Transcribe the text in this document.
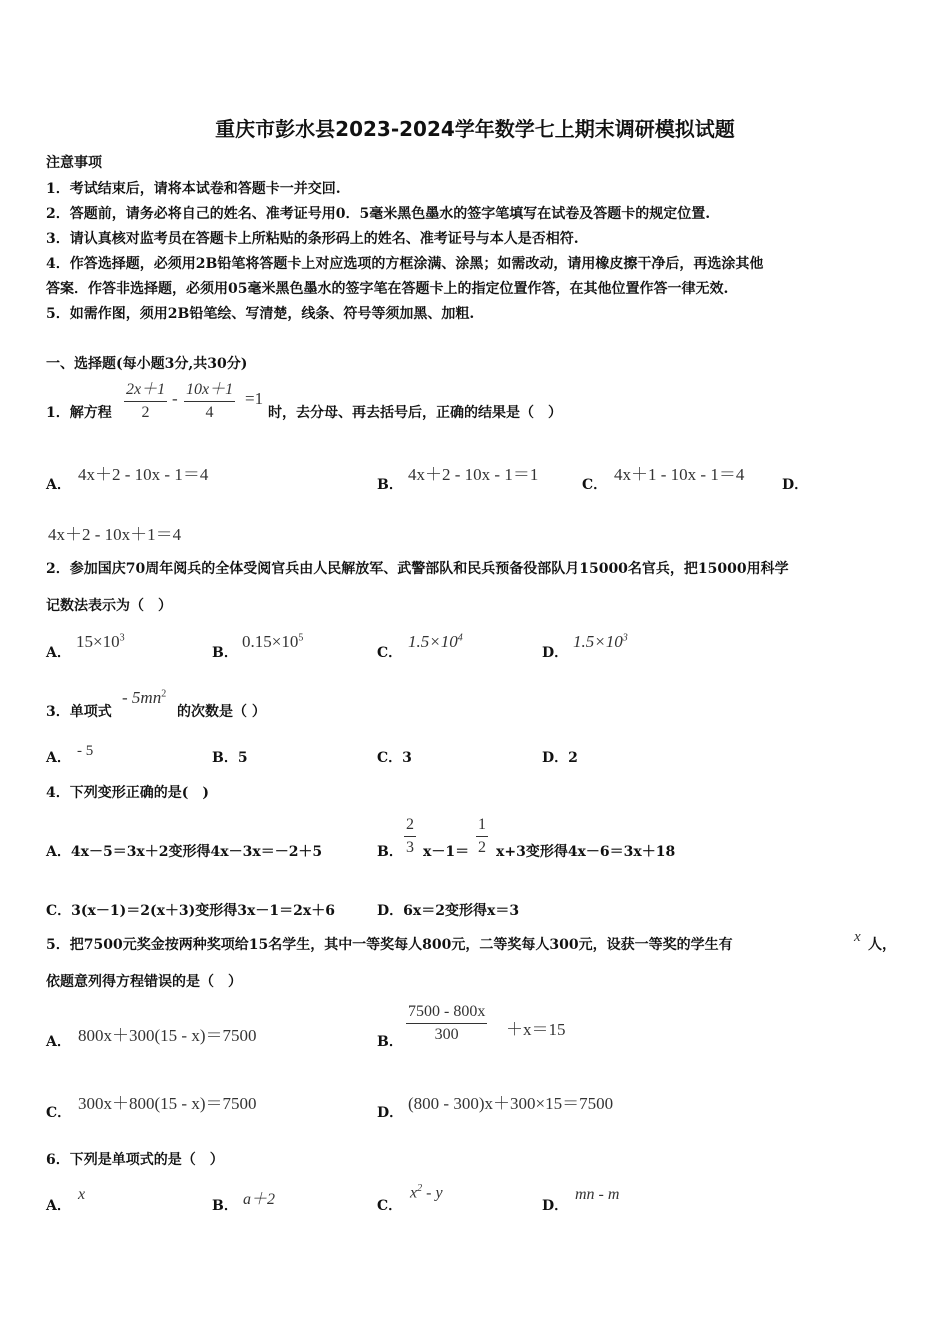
重庆市彭水县2023-2024学年数学七上期末调研模拟试题
注意事项
1．考试结束后，请将本试卷和答题卡一并交回.
2．答题前，请务必将自己的姓名、准考证号用0．5毫米黑色墨水的签字笔填写在试卷及答题卡的规定位置.
3．请认真核对监考员在答题卡上所粘贴的条形码上的姓名、准考证号与本人是否相符.
4．作答选择题，必须用2B铅笔将答题卡上对应选项的方框涂满、涂黑；如需改动，请用橡皮擦干净后，再选涂其他
答案．作答非选择题，必须用05毫米黑色墨水的签字笔在答题卡上的指定位置作答，在其他位置作答一律无效.
5．如需作图，须用2B铅笔绘、写清楚，线条、符号等须加黑、加粗.
一、选择题(每小题3分,共30分)
1．解方程 $\frac{2x+1}{2} - \frac{10x+1}{4} =1$
时，去分母、再去括号后，正确的结果是（　）
A．
4x＋2 - 10x - 1＝4
B．
4x＋2 - 10x - 1＝1
C．
4x＋1 - 10x - 1＝4
D．
4x＋2 - 10x＋1＝4
2．参加国庆70周年阅兵的全体受阅官兵由人民解放军、武警部队和民兵预备役部队月15000名官兵，把15000用科学
记数法表示为（　）
A．
$15\times 10^3$
B．
$0.15\times 10^5$
C．
$1.5\times 10^4$
D．
$1.5\times 10^3$
3．单项式
- $5mn^2$
的次数是（ ）
A． - 5	B．5	C．3	D．2
4．下列变形正确的是(　)
A．4x－5＝3x＋2变形得4x－3x＝－2＋5	B． $\frac{2}{3} x-1= \frac{1}{2} x+3$变形得4x－6＝3x＋18
C．3(x－1)＝2(x＋3)变形得3x－1＝2x＋6	D．6x＝2变形得x＝3
5．把7500元奖金按两种奖项给15名学生，其中一等奖每人800元，二等奖每人300元，设获一等奖的学生有	x 人，
依题意列得方程错误的是（　）
A． 800x＋300(15 - x)＝7500	B． $\frac{7500 - 800x}{300} +x=15$
C． 300x＋800(15 - x)＝7500	D． (800 - 300)x＋300×15＝7500
6．下列是单项式的是（　）
A．
x
B． a＋2	C．
$x^2$ - y
D．
mn - m
